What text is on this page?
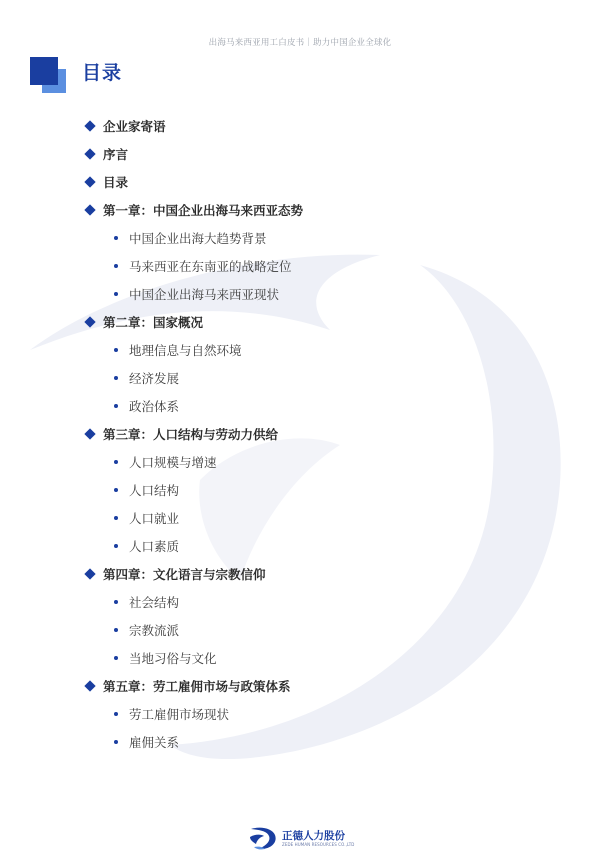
出海马来西亚用工白皮书｜助力中国企业全球化
目录
企业家寄语
序言
目录
第一章：中国企业出海马来西亚态势
中国企业出海大趋势背景
马来西亚在东南亚的战略定位
中国企业出海马来西亚现状
第二章：国家概况
地理信息与自然环境
经济发展
政治体系
第三章：人口结构与劳动力供给
人口规模与增速
人口结构
人口就业
人口素质
第四章：文化语言与宗教信仰
社会结构
宗教流派
当地习俗与文化
第五章：劳工雇佣市场与政策体系
劳工雇佣市场现状
雇佣关系
正德人力股份
ZEDE HUMAN RESOURCES CO.,LTD
